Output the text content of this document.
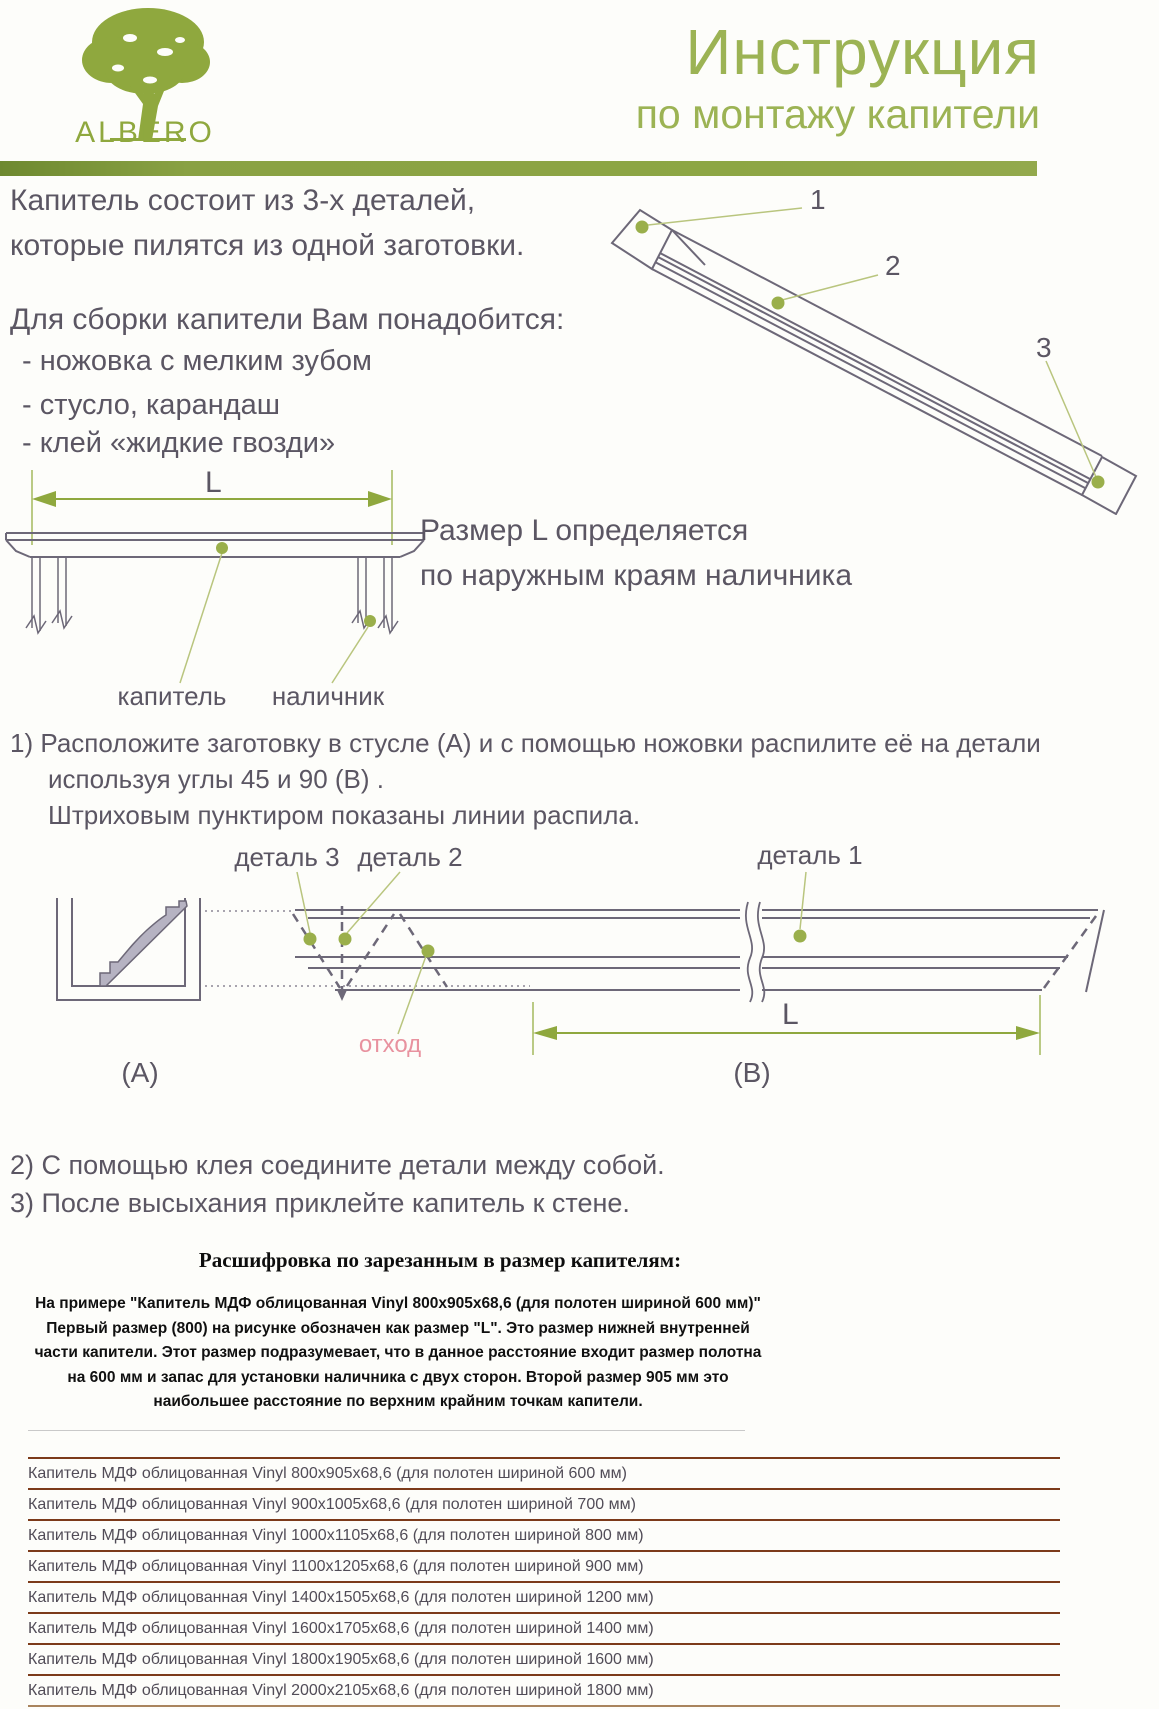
ALBERO
Инструкция
по монтажу капители
Капитель состоит из 3-х деталей,
которые пилятся из одной заготовки.
Для сборки капители Вам понадобится:
- ножовка с мелким зубом
- стусло, карандаш
- клей «жидкие гвозди»
1
2
3
L
капитель наличник
Размер L определяется
по наружным краям наличника
1) Расположите заготовку в стусле (А) и с помощью ножовки распилите её на детали
используя углы 45 и 90 (В) .
Штриховым пунктиром показаны линии распила.
деталь 3 деталь 2	деталь 1
отход
L
(А)	(В)
2) С помощью клея соедините детали между собой.
3) После высыхания приклейте капитель к стене.
Расшифровка по зарезанным в размер капителям:
На примере "Капитель МДФ облицованная Vinyl 800х905х68,6 (для полотен шириной 600 мм)" Первый размер (800) на рисунке обозначен как размер "L". Это размер нижней внутренней части капители. Этот размер подразумевает, что в данное расстояние входит размер полотна на 600 мм и запас для установки наличника с двух сторон. Второй размер 905 мм это наибольшее расстояние по верхним крайним точкам капители.
Капитель МДФ облицованная Vinyl 800х905х68,6 (для полотен шириной 600 мм)
Капитель МДФ облицованная Vinyl 900х1005х68,6 (для полотен шириной 700 мм)
Капитель МДФ облицованная Vinyl 1000х1105х68,6 (для полотен шириной 800 мм)
Капитель МДФ облицованная Vinyl 1100х1205х68,6 (для полотен шириной 900 мм)
Капитель МДФ облицованная Vinyl 1400х1505х68,6 (для полотен шириной 1200 мм)
Капитель МДФ облицованная Vinyl 1600х1705х68,6 (для полотен шириной 1400 мм)
Капитель МДФ облицованная Vinyl 1800х1905х68,6 (для полотен шириной 1600 мм)
Капитель МДФ облицованная Vinyl 2000х2105х68,6 (для полотен шириной 1800 мм)
